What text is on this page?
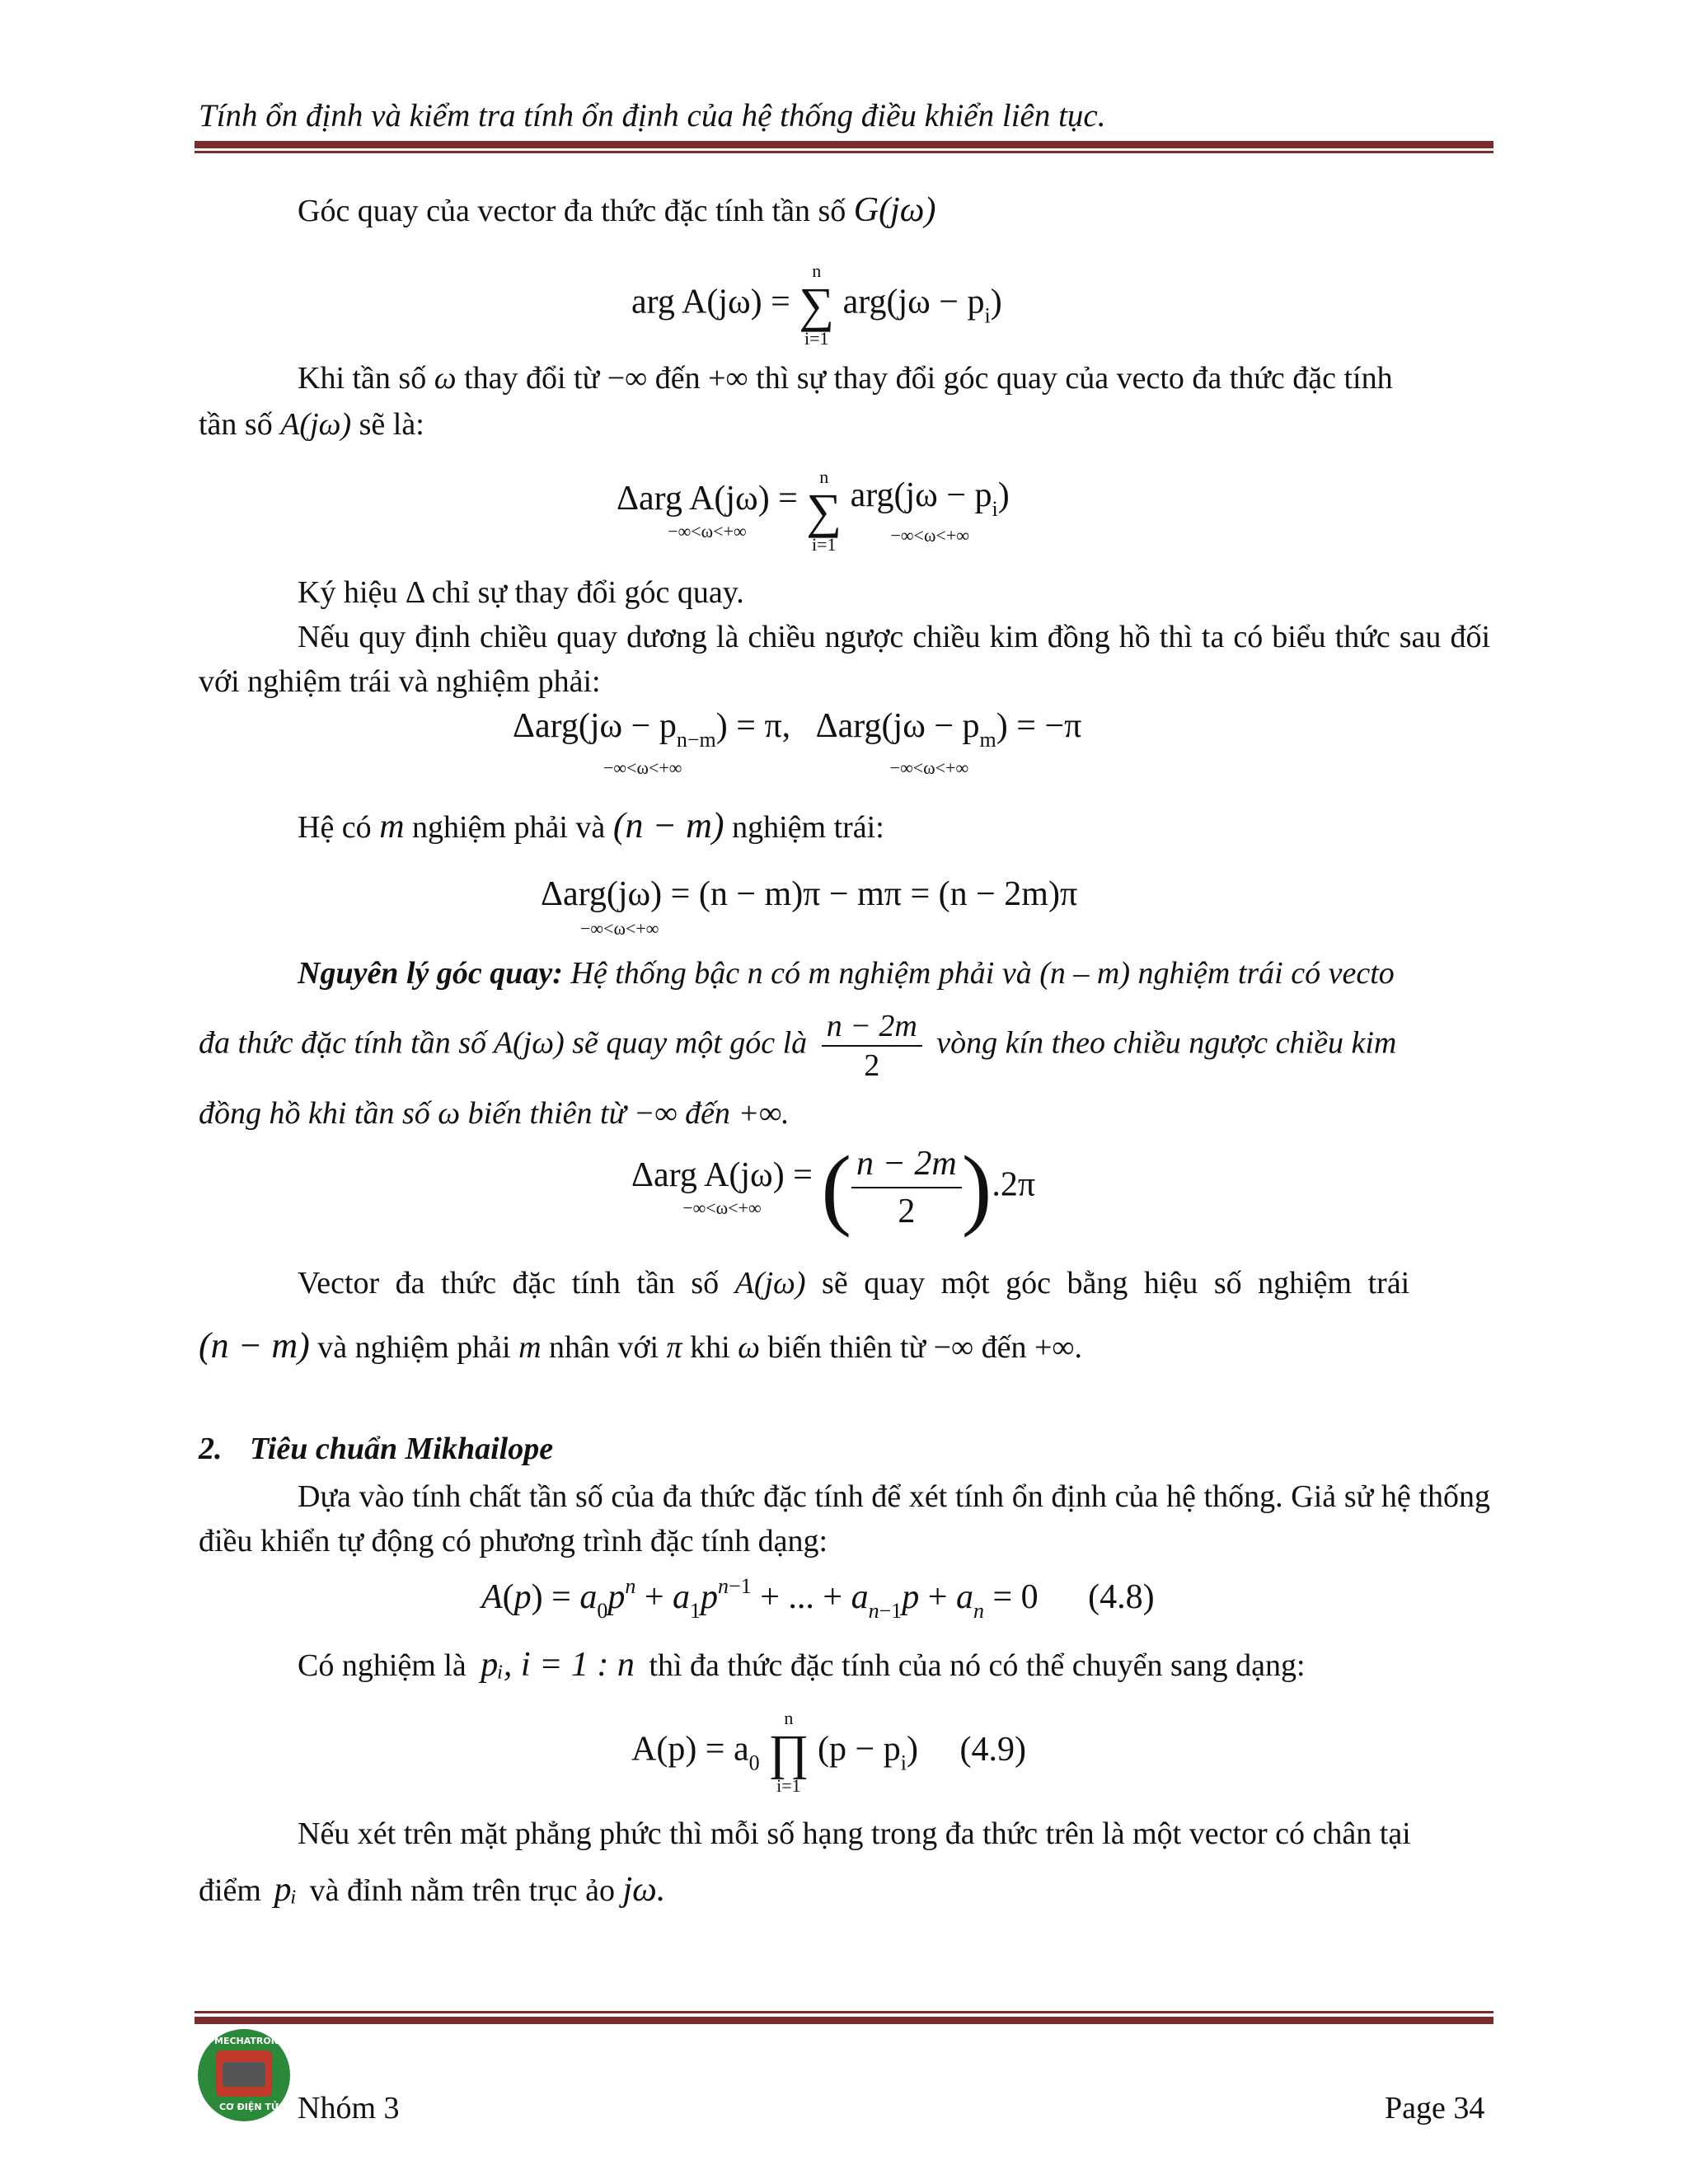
Tính ổn định và kiểm tra tính ổn định của hệ thống điều khiển liên tục.
Góc quay của vector đa thức đặc tính tần số G(jω)
arg A(jω) =
n
∑
i=1
$arg(j\omega - p_i)$
Khi tần số ω thay đổi từ −∞ đến +∞ thì sự thay đổi góc quay của vecto đa thức đặc tính
tần số A(jω) sẽ là:
Δarg A(jω) =
−∞<ω<+∞

n
∑
i=1

$arg(j\omega - p_i)$
−∞<ω<+∞
Ký hiệu Δ chỉ sự thay đổi góc quay.
Nếu quy định chiều quay dương là chiều ngược chiều kim đồng hồ thì ta có biểu thức sau đối với nghiệm trái và nghiệm phải:
$\Delta arg(j\omega - p_{n-m}) = \pi$,
−∞<ω<+∞

$\Delta arg(j\omega - p_m) = -\pi$
−∞<ω<+∞
Hệ có m nghiệm phải và (n − m) nghiệm trái:
Δarg(jω) = (n − m)π − mπ = (n − 2m)π
−∞<ω<+∞
Nguyên lý góc quay: Hệ thống bậc n có m nghiệm phải và (n – m) nghiệm trái có vecto
đa thức đặc tính tần số A(jω) sẽ quay một góc là $\frac{n - 2m}{2}$ vòng kín theo chiều ngược chiều kim
đồng hồ khi tần số ω biến thiên từ −∞ đến +∞.
Δarg A(jω) =
−∞<ω<+∞ ( $\frac{n - 2m}{2} ).2\pi$
Vector đa thức đặc tính tần số A(jω) sẽ quay một góc bằng hiệu số nghiệm trái
(n − m) và nghiệm phải m nhân với π khi ω biến thiên từ −∞ đến +∞.
2. Tiêu chuẩn Mikhailope
Dựa vào tính chất tần số của đa thức đặc tính để xét tính ổn định của hệ thống. Giả sử hệ thống điều khiển tự động có phương trình đặc tính dạng:
$A(p) = a_0p^n + a_1p^{n-1}$ + ... + $a_{n-1}p + a_n = 0$ (4.8)
Có nghiệm là pᵢ, i = 1 : n thì đa thức đặc tính của nó có thể chuyển sang dạng:
$A(p) = a_0$
n
∏
i=1
$(p - p_i)$ (4.9)
Nếu xét trên mặt phẳng phức thì mỗi số hạng trong đa thức trên là một vector có chân tại
điểm pᵢ và đỉnh nằm trên trục ảo jω.
MECHATRONICS
CƠ ĐIỆN TỬ Nhóm 3	Page 34
